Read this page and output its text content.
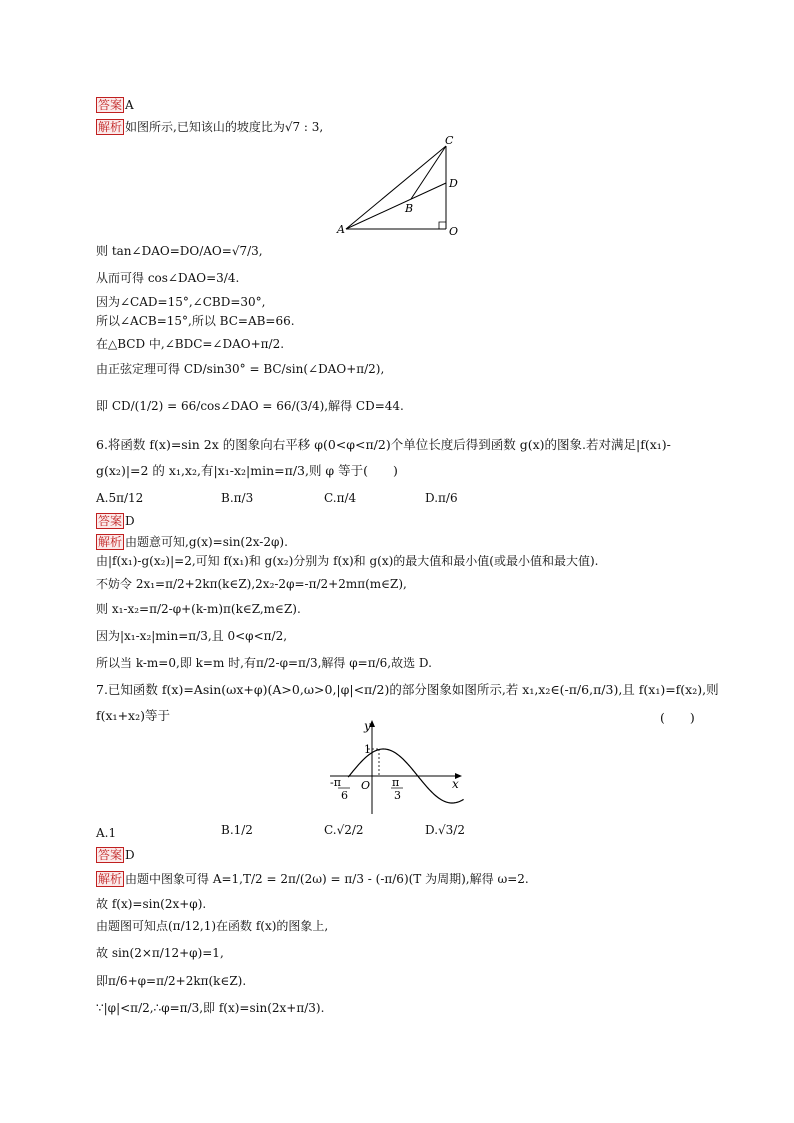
答案 A
解析 如图所示,已知该山的坡度比为√7 : 3,
A
B
C
D
O
则 tan∠DAO=DO/AO=√7/3,
从而可得 cos∠DAO=3/4.
因为∠CAD=15°,∠CBD=30°,
所以∠ACB=15°,所以 BC=AB=66.
在△BCD 中,∠BDC=∠DAO+π/2.
由正弦定理可得 CD/sin30° = BC/sin(∠DAO+π/2),
即 CD/(1/2) = 66/cos∠DAO = 66/(3/4),解得 CD=44.
6.将函数 f(x)=sin 2x 的图象向右平移 φ(0<φ<π/2)个单位长度后得到函数 g(x)的图象.若对满足|f(x₁)-
g(x₂)|=2 的 x₁,x₂,有|x₁-x₂|min=π/3,则 φ 等于(　　)
A.5π/12	B.π/3	C.π/4	D.π/6
答案 D
解析 由题意可知,g(x)=sin(2x-2φ).
由|f(x₁)-g(x₂)|=2,可知 f(x₁)和 g(x₂)分别为 f(x)和 g(x)的最大值和最小值(或最小值和最大值).
不妨令 2x₁=π/2+2kπ(k∈Z),2x₂-2φ=-π/2+2mπ(m∈Z),
则 x₁-x₂=π/2-φ+(k-m)π(k∈Z,m∈Z).
因为|x₁-x₂|min=π/3,且 0<φ<π/2,
所以当 k-m=0,即 k=m 时,有π/2-φ=π/3,解得 φ=π/6,故选 D.
7.已知函数 f(x)=Asin(ωx+φ)(A>0,ω>0,|φ|<π/2)的部分图象如图所示,若 x₁,x₂∈(-π/6,π/3),且 f(x₁)=f(x₂),则
f(x₁+x₂)等于	(　　)
y
x
1
O
-π
6
π
3
A.1	B.1/2	C.√2/2	D.√3/2
答案 D
解析 由题中图象可得 A=1,T/2 = 2π/(2ω) = π/3 - (-π/6)(T 为周期),解得 ω=2.
故 f(x)=sin(2x+φ).
由题图可知点(π/12,1)在函数 f(x)的图象上,
故 sin(2×π/12+φ)=1,
即π/6+φ=π/2+2kπ(k∈Z).
∵|φ|<π/2,∴φ=π/3,即 f(x)=sin(2x+π/3).
